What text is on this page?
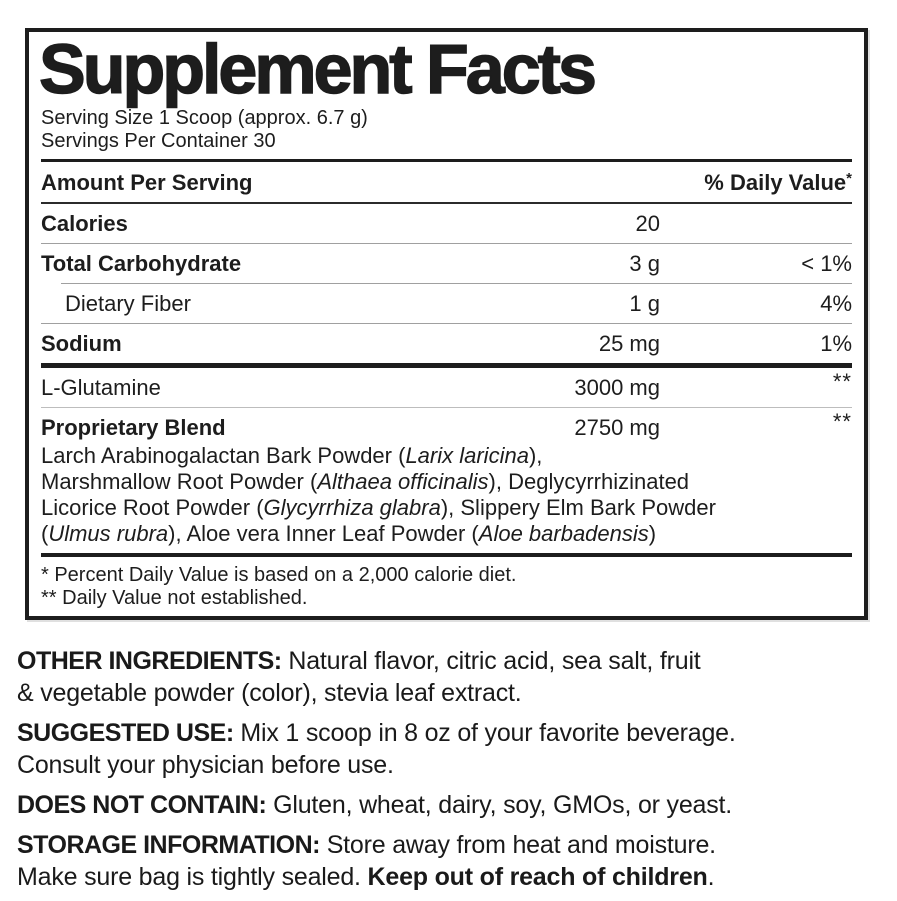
Supplement Facts
Serving Size 1 Scoop (approx. 6.7 g)
Servings Per Container 30
Amount Per Serving	% Daily Value*
Calories	20
Total Carbohydrate	3 g	< 1%
Dietary Fiber	1 g	4%
Sodium	25 mg	1%
L-Glutamine	3000 mg	**
Proprietary Blend	2750 mg	**
Larch Arabinogalactan Bark Powder (Larix laricina),
Marshmallow Root Powder (Althaea officinalis), Deglycyrrhizinated
Licorice Root Powder (Glycyrrhiza glabra), Slippery Elm Bark Powder
(Ulmus rubra), Aloe vera Inner Leaf Powder (Aloe barbadensis)
* Percent Daily Value is based on a 2,000 calorie diet.
** Daily Value not established.

OTHER INGREDIENTS: Natural flavor, citric acid, sea salt, fruit
& vegetable powder (color), stevia leaf extract.

SUGGESTED USE: Mix 1 scoop in 8 oz of your favorite beverage.
Consult your physician before use.

DOES NOT CONTAIN: Gluten, wheat, dairy, soy, GMOs, or yeast.

STORAGE INFORMATION: Store away from heat and moisture.
Make sure bag is tightly sealed. Keep out of reach of children.
